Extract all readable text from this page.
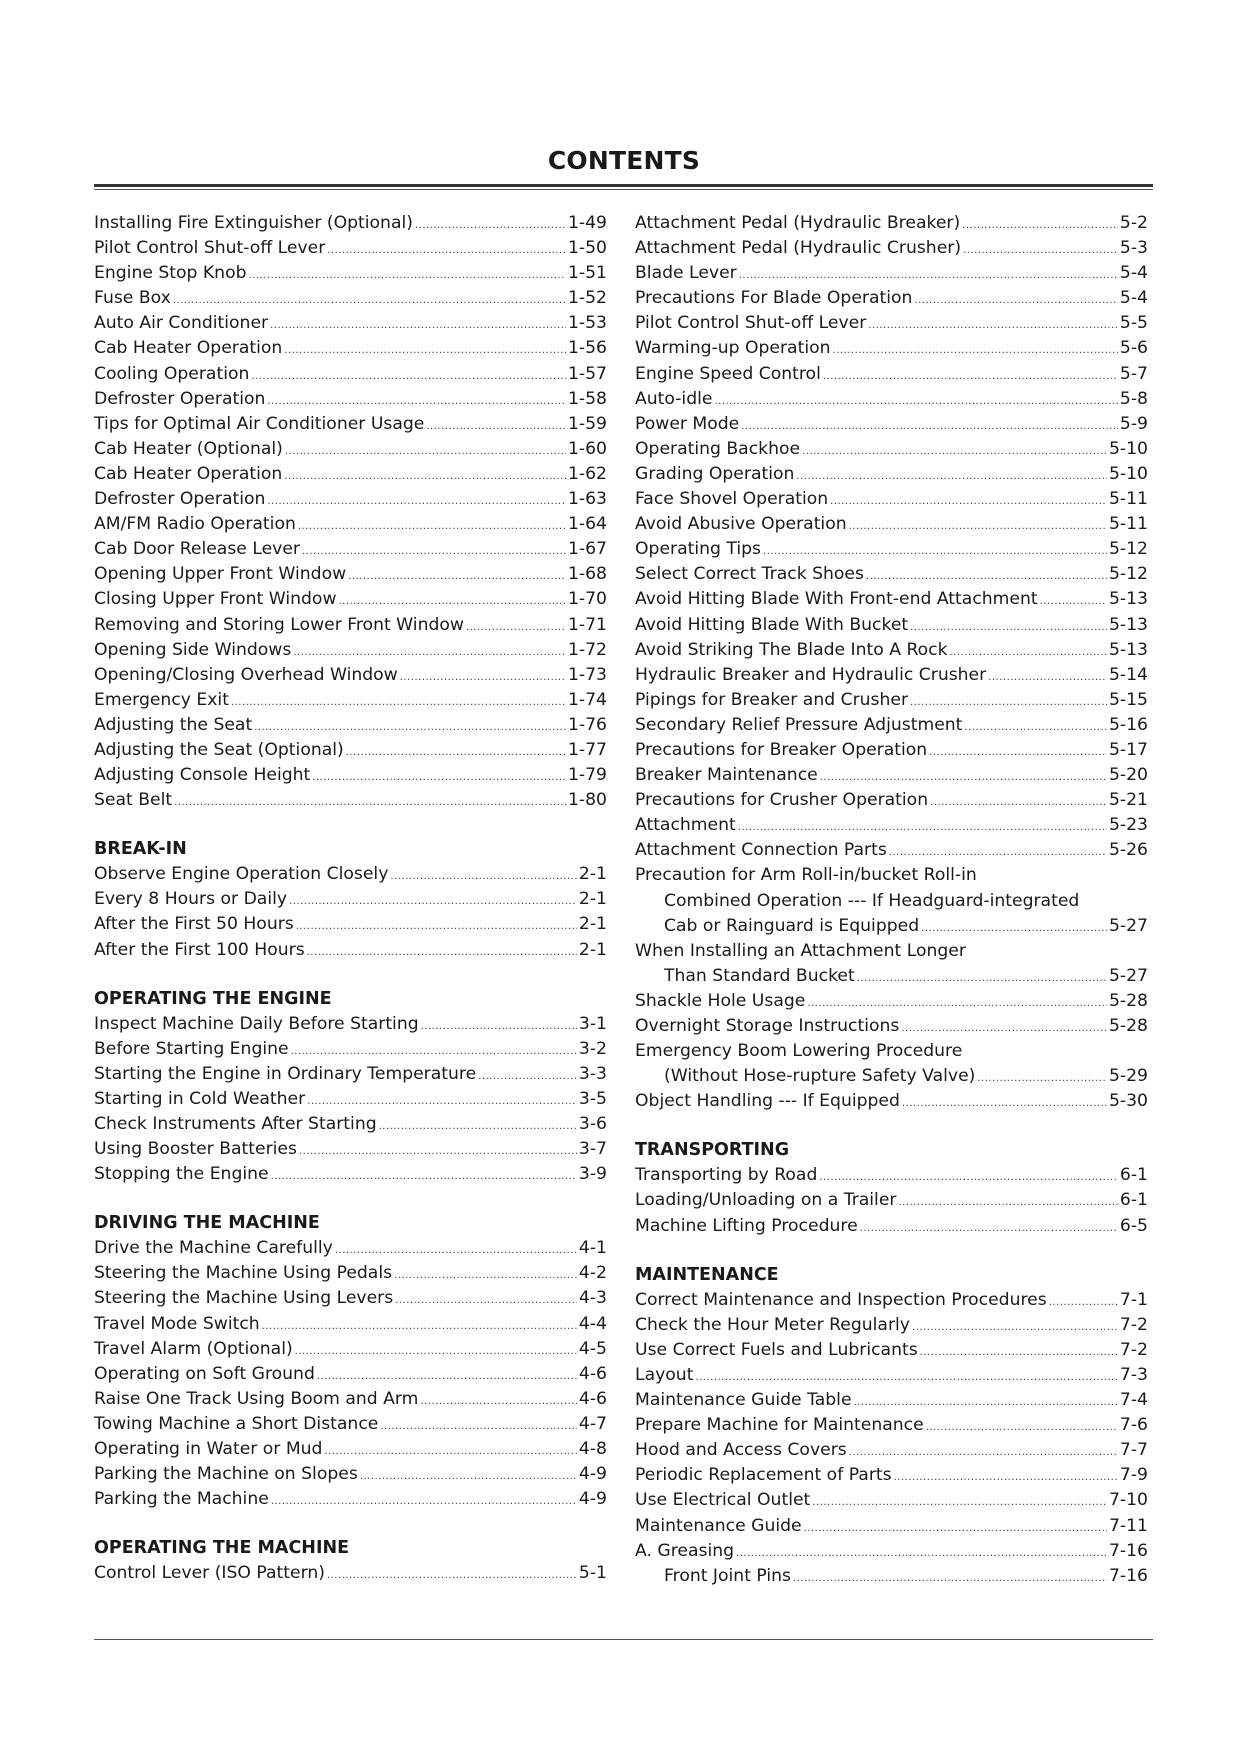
CONTENTS
Installing Fire Extinguisher (Optional) .....	1-49
Pilot Control Shut-off Lever .....	1-50
Engine Stop Knob .....	1-51
Fuse Box .....	1-52
Auto Air Conditioner .....	1-53
Cab Heater Operation .....	1-56
Cooling Operation .....	1-57
Defroster Operation .....	1-58
Tips for Optimal Air Conditioner Usage .....	1-59
Cab Heater (Optional) .....	1-60
Cab Heater Operation .....	1-62
Defroster Operation .....	1-63
AM/FM Radio Operation .....	1-64
Cab Door Release Lever .....	1-67
Opening Upper Front Window .....	1-68
Closing Upper Front Window .....	1-70
Removing and Storing Lower Front Window .....	1-71
Opening Side Windows .....	1-72
Opening/Closing Overhead Window .....	1-73
Emergency Exit .....	1-74
Adjusting the Seat .....	1-76
Adjusting the Seat (Optional) .....	1-77
Adjusting Console Height .....	1-79
Seat Belt .....	1-80
BREAK-IN
Observe Engine Operation Closely .....	2-1
Every 8 Hours or Daily .....	2-1
After the First 50 Hours .....	2-1
After the First 100 Hours .....	2-1
OPERATING THE ENGINE
Inspect Machine Daily Before Starting .....	3-1
Before Starting Engine .....	3-2
Starting the Engine in Ordinary Temperature .....	3-3
Starting in Cold Weather .....	3-5
Check Instruments After Starting .....	3-6
Using Booster Batteries .....	3-7
Stopping the Engine .....	3-9
DRIVING THE MACHINE
Drive the Machine Carefully .....	4-1
Steering the Machine Using Pedals .....	4-2
Steering the Machine Using Levers .....	4-3
Travel Mode Switch .....	4-4
Travel Alarm (Optional) .....	4-5
Operating on Soft Ground .....	4-6
Raise One Track Using Boom and Arm .....	4-6
Towing Machine a Short Distance .....	4-7
Operating in Water or Mud .....	4-8
Parking the Machine on Slopes .....	4-9
Parking the Machine .....	4-9
OPERATING THE MACHINE
Control Lever (ISO Pattern) .....	5-1
Attachment Pedal (Hydraulic Breaker) .....	5-2
Attachment Pedal (Hydraulic Crusher) .....	5-3
Blade Lever .....	5-4
Precautions For Blade Operation .....	5-4
Pilot Control Shut-off Lever .....	5-5
Warming-up Operation .....	5-6
Engine Speed Control .....	5-7
Auto-idle .....	5-8
Power Mode .....	5-9
Operating Backhoe .....	5-10
Grading Operation .....	5-10
Face Shovel Operation .....	5-11
Avoid Abusive Operation .....	5-11
Operating Tips .....	5-12
Select Correct Track Shoes .....	5-12
Avoid Hitting Blade With Front-end Attachment .....	5-13
Avoid Hitting Blade With Bucket .....	5-13
Avoid Striking The Blade Into A Rock .....	5-13
Hydraulic Breaker and Hydraulic Crusher .....	5-14
Pipings for Breaker and Crusher .....	5-15
Secondary Relief Pressure Adjustment .....	5-16
Precautions for Breaker Operation .....	5-17
Breaker Maintenance .....	5-20
Precautions for Crusher Operation .....	5-21
Attachment .....	5-23
Attachment Connection Parts .....	5-26
Precaution for Arm Roll-in/bucket Roll-in
Combined Operation --- If Headguard-integrated
Cab or Rainguard is Equipped .....	5-27
When Installing an Attachment Longer
Than Standard Bucket .....	5-27
Shackle Hole Usage .....	5-28
Overnight Storage Instructions .....	5-28
Emergency Boom Lowering Procedure
(Without Hose-rupture Safety Valve) .....	5-29
Object Handling --- If Equipped .....	5-30
TRANSPORTING
Transporting by Road .....	6-1
Loading/Unloading on a Trailer .....	6-1
Machine Lifting Procedure .....	6-5
MAINTENANCE
Correct Maintenance and Inspection Procedures .....	7-1
Check the Hour Meter Regularly .....	7-2
Use Correct Fuels and Lubricants .....	7-2
Layout .....	7-3
Maintenance Guide Table .....	7-4
Prepare Machine for Maintenance .....	7-6
Hood and Access Covers .....	7-7
Periodic Replacement of Parts .....	7-9
Use Electrical Outlet .....	7-10
Maintenance Guide .....	7-11
A. Greasing .....	7-16
Front Joint Pins .....	7-16
